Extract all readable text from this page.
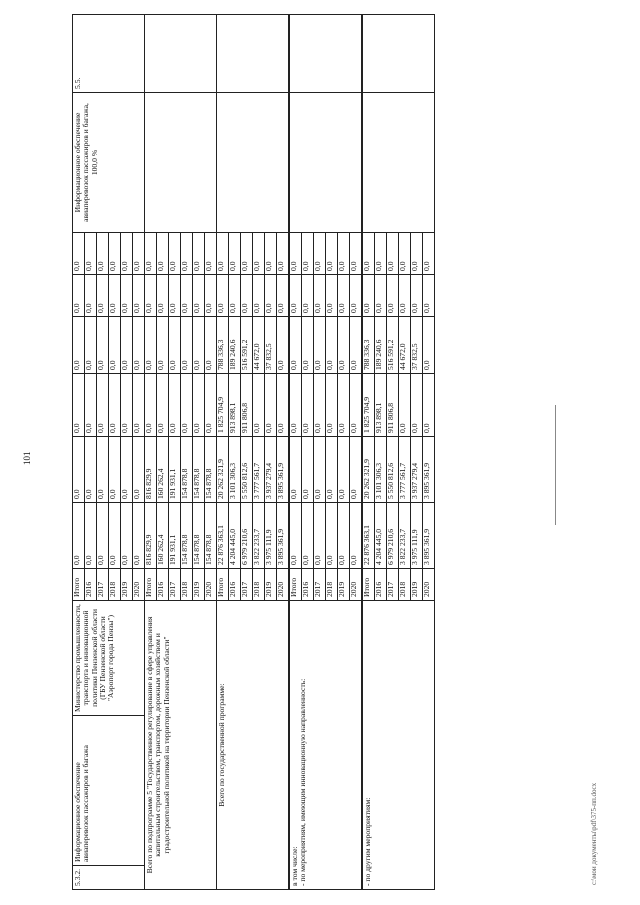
101
5.3.2.	Информационное обеспечение авиаперевозок пассажиров и багажа	Министерство промышленности, транспорта и инновационной политики Пензенской области (ГБУ Пензенской области "Аэропорт города Пензы")	Итого	0,0	0,0	0,0	0,0	0,0	0,0	Информационное обеспечение авиаперевозок пассажиров и багажа, 100,0 %	5.5.
			2016	0,0	0,0	0,0	0,0	0,0	0,0		
			2017	0,0	0,0	0,0	0,0	0,0	0,0		
			2018	0,0	0,0	0,0	0,0	0,0	0,0		
			2019	0,0	0,0	0,0	0,0	0,0	0,0		
			2020	0,0	0,0	0,0	0,0	0,0	0,0		
Всего по подпрограмме 5 "Государственное регулирование в сфере управления капитальным строительством, транспортом, дорожным хозяйством и градостроительной политикой на территории Пензенской области"			Итого	816 829,9	816 829,9	0,0	0,0	0,0	0,0		
			2016	160 262,4	160 262,4	0,0	0,0	0,0	0,0		
			2017	191 931,1	191 931,1	0,0	0,0	0,0	0,0		
			2018	154 878,8	154 878,8	0,0	0,0	0,0	0,0		
			2019	154 878,8	154 878,8	0,0	0,0	0,0	0,0		
			2020	154 878,8	154 878,8	0,0	0,0	0,0	0,0		
Всего по государственной программе:			Итого	22 876 363,1	20 262 321,9	1 825 704,9	788 336,3	0,0	0,0		
			2016	4 204 445,0	3 101 306,3	913 898,1	189 240,6	0,0	0,0		
			2017	6 979 210,6	5 550 812,6	911 806,8	516 591,2	0,0	0,0		
			2018	3 822 233,7	3 777 561,7	0,0	44 672,0	0,0	0,0		
			2019	3 975 111,9	3 937 279,4	0,0	37 832,5	0,0	0,0		
			2020	3 895 361,9	3 895 361,9	0,0	0,0	0,0	0,0		

в том числе: - по мероприятиям, имеющим инновационную направленность:			Итого	0,0	0,0	0,0	0,0	0,0	0,0		
			2016	0,0	0,0	0,0	0,0	0,0	0,0		
			2017	0,0	0,0	0,0	0,0	0,0	0,0		
			2018	0,0	0,0	0,0	0,0	0,0	0,0		
			2019	0,0	0,0	0,0	0,0	0,0	0,0		
			2020	0,0	0,0	0,0	0,0	0,0	0,0		
- по другим мероприятиям:			Итого	22 876 363,1	20 262 321,9	1 825 704,9	788 336,3	0,0	0,0		
			2016	4 204 445,0	3 101 306,3	913 898,1	189 240,6	0,0	0,0		
			2017	6 979 210,6	5 550 812,6	911 806,8	516 591,2	0,0	0,0		
			2018	3 822 233,7	3 777 561,7	0,0	44 672,0	0,0	0,0		
			2019	3 975 111,9	3 937 279,4	0,0	37 832,5	0,0	0,0		
			2020	3 895 361,9	3 895 361,9	0,0	0,0	0,0	0,0		
c:\мои документы\pdf\375-пп.docx
